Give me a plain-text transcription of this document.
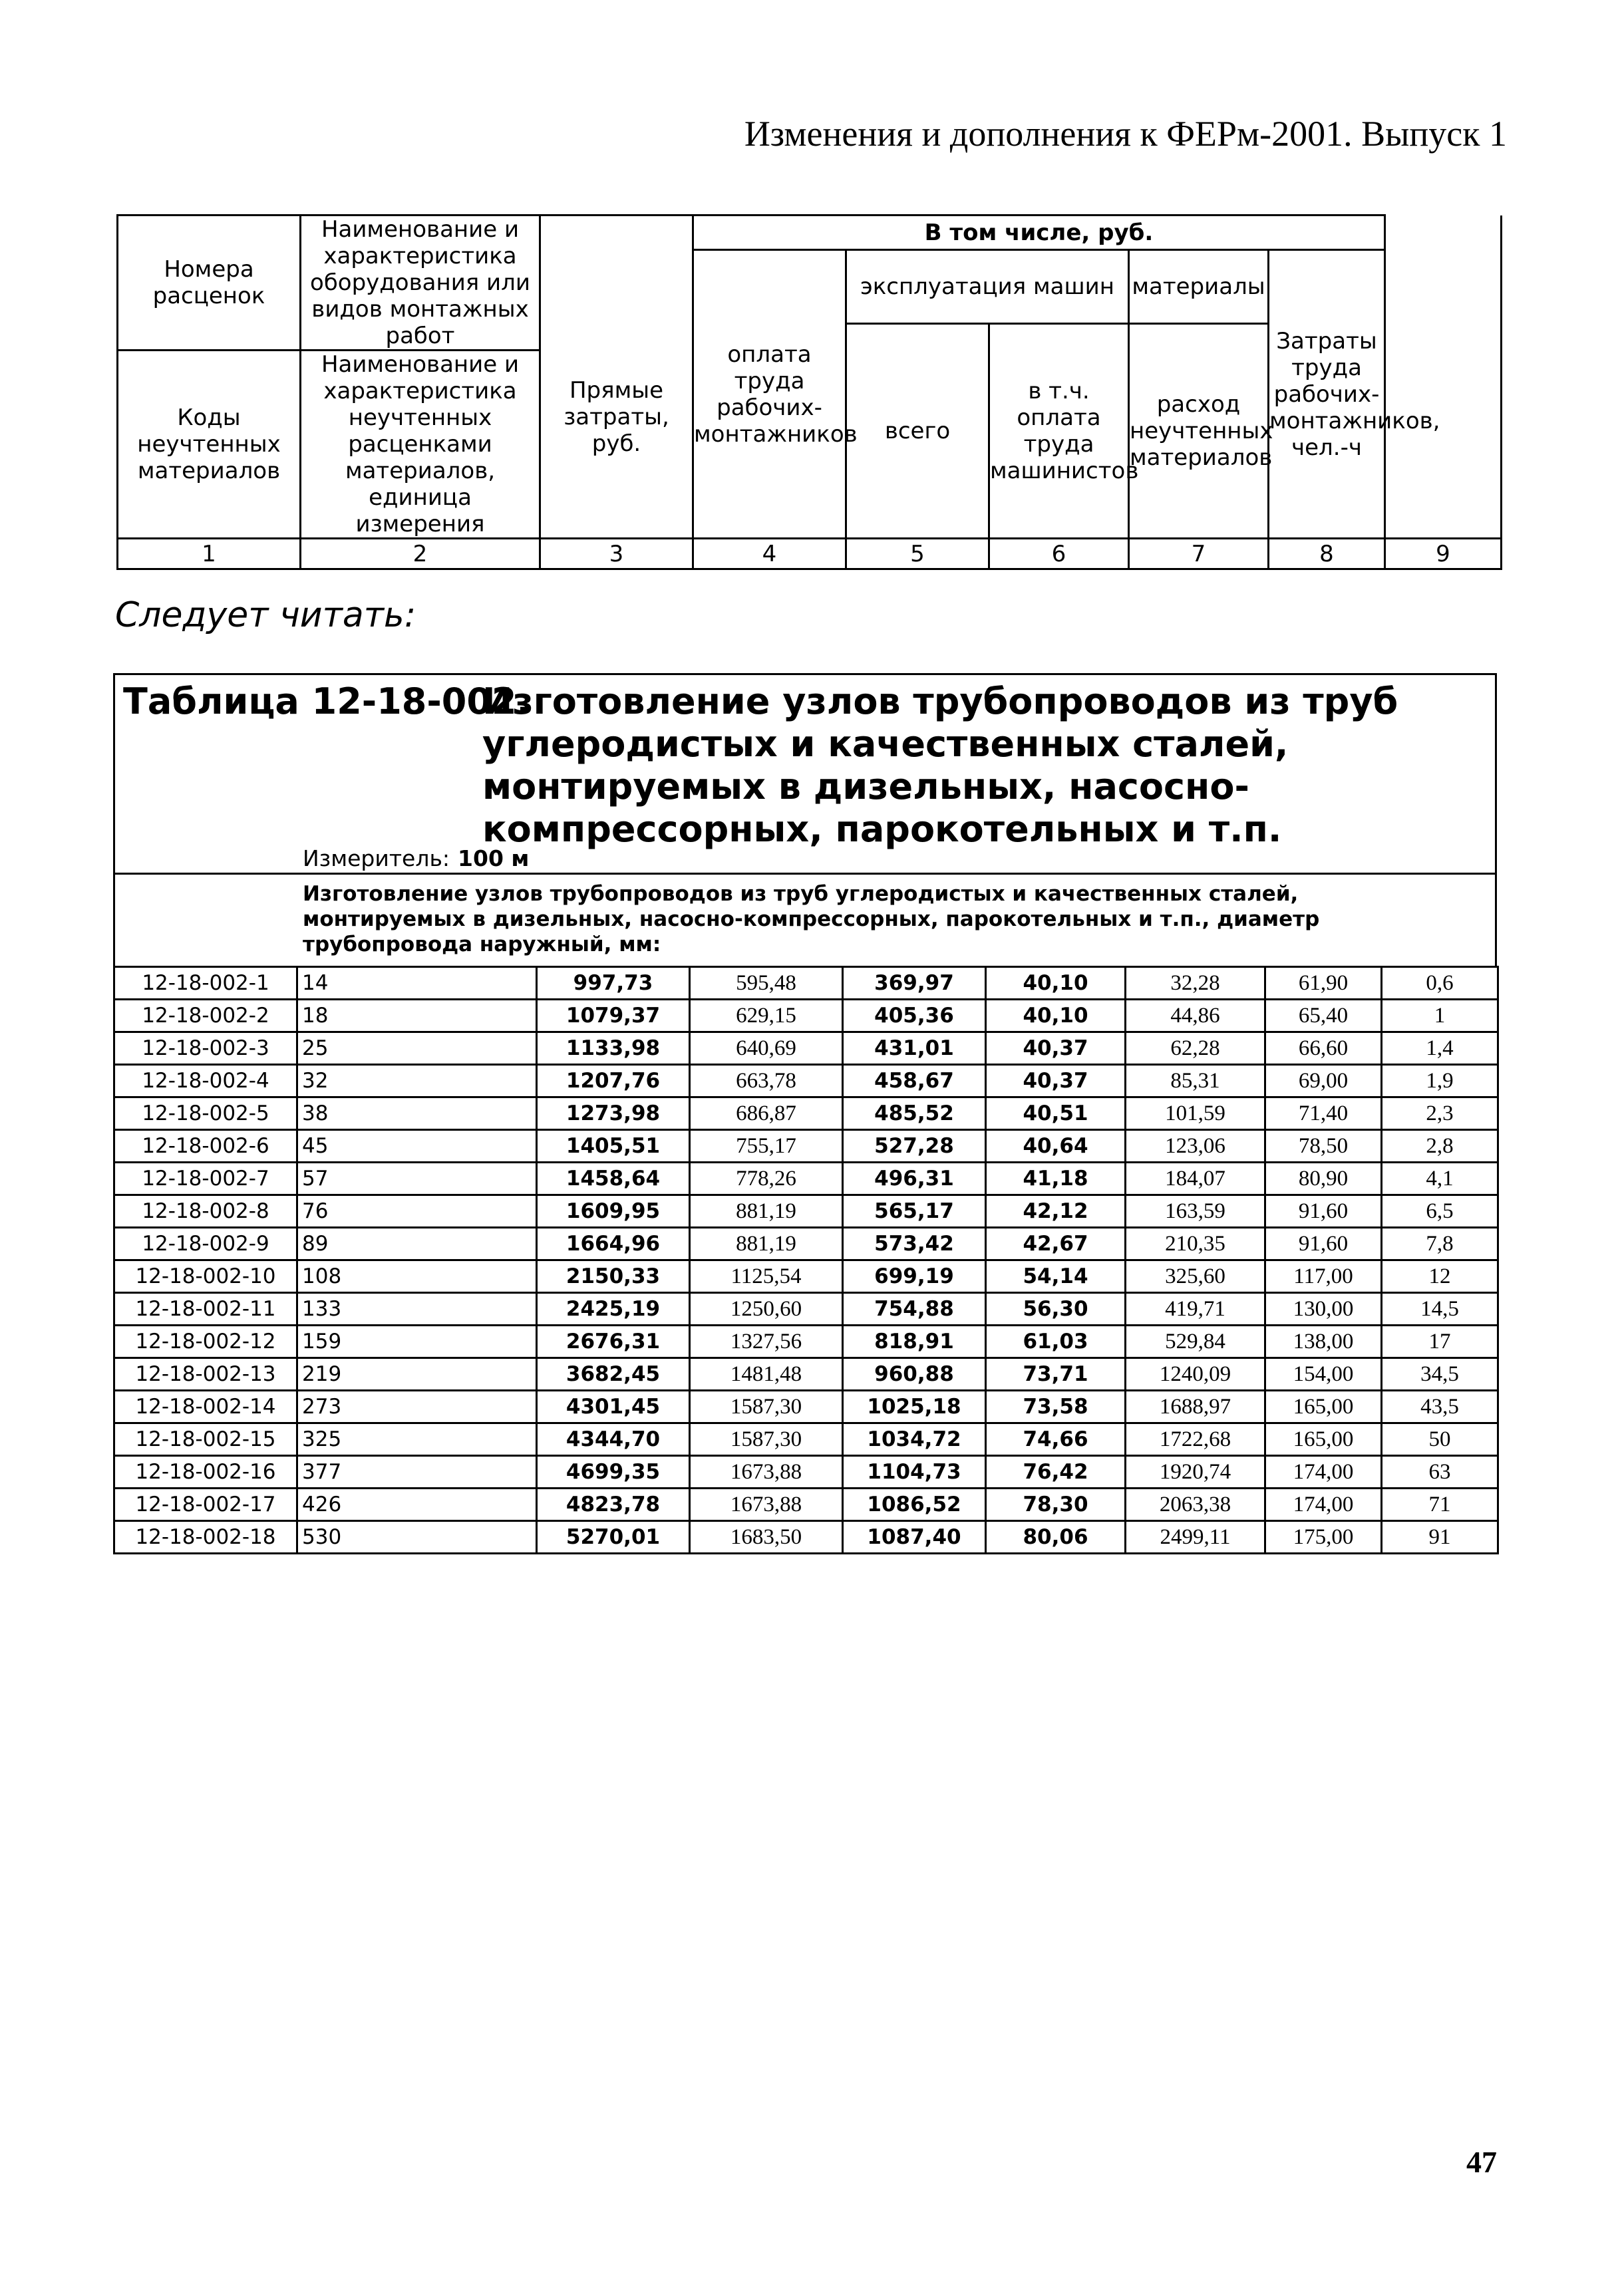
Изменения и дополнения к ФЕРм-2001. Выпуск 1
Номера расценок	Наименование и характеристика оборудования или видов монтажных работ	Прямые затраты, руб.	В том числе, руб.					
			оплата труда рабочих-монтажников	эксплуатация машин		материалы	Затраты труда рабочих-монтажников, чел.-ч	
				всего	в т.ч. оплата труда машинистов	расход неучтенных материалов		
Коды неучтенных материалов	Наименование и характеристика неучтенных расценками материалов, единица измерения							

1	2	3	4	5	6	7	8	9
Следует читать:
Таблица 12-18-002.
Изготовление узлов трубопроводов из труб углеродистых и качественных сталей, монтируемых в дизельных, насосно-компрессорных, парокотельных и т.п.
Измеритель: 100 м
Изготовление узлов трубопроводов из труб углеродистых и качественных сталей, монтируемых в дизельных, насосно-компрессорных, парокотельных и т.п., диаметр трубопровода наружный, мм:
12-18-002-1	14	997,73	595,48	369,97	40,10	32,28	61,90	0,6
12-18-002-2	18	1079,37	629,15	405,36	40,10	44,86	65,40	1
12-18-002-3	25	1133,98	640,69	431,01	40,37	62,28	66,60	1,4
12-18-002-4	32	1207,76	663,78	458,67	40,37	85,31	69,00	1,9
12-18-002-5	38	1273,98	686,87	485,52	40,51	101,59	71,40	2,3
12-18-002-6	45	1405,51	755,17	527,28	40,64	123,06	78,50	2,8
12-18-002-7	57	1458,64	778,26	496,31	41,18	184,07	80,90	4,1
12-18-002-8	76	1609,95	881,19	565,17	42,12	163,59	91,60	6,5
12-18-002-9	89	1664,96	881,19	573,42	42,67	210,35	91,60	7,8
12-18-002-10	108	2150,33	1125,54	699,19	54,14	325,60	117,00	12
12-18-002-11	133	2425,19	1250,60	754,88	56,30	419,71	130,00	14,5
12-18-002-12	159	2676,31	1327,56	818,91	61,03	529,84	138,00	17
12-18-002-13	219	3682,45	1481,48	960,88	73,71	1240,09	154,00	34,5
12-18-002-14	273	4301,45	1587,30	1025,18	73,58	1688,97	165,00	43,5
12-18-002-15	325	4344,70	1587,30	1034,72	74,66	1722,68	165,00	50
12-18-002-16	377	4699,35	1673,88	1104,73	76,42	1920,74	174,00	63
12-18-002-17	426	4823,78	1673,88	1086,52	78,30	2063,38	174,00	71
12-18-002-18	530	5270,01	1683,50	1087,40	80,06	2499,11	175,00	91
47
